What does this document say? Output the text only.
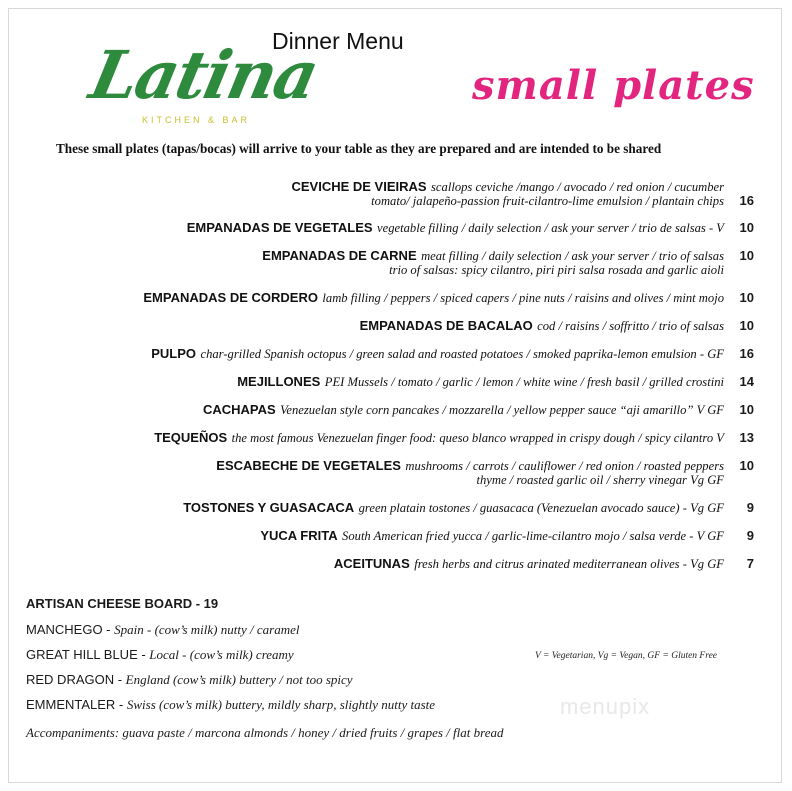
Latina
KITCHEN & BAR
Dinner Menu
small plates
These small plates (tapas/bocas) will arrive to your table as they are prepared and are intended to be shared
CEVICHE DE VIEIRAS scallops ceviche /mango / avocado / red onion / cucumber
tomato/ jalapeño-passion fruit-cilantro-lime emulsion / plantain chips 16
EMPANADAS DE VEGETALES vegetable filling / daily selection / ask your server / trio de salsas - V 10
EMPANADAS DE CARNE meat filling / daily selection / ask your server / trio of salsas 10
trio of salsas: spicy cilantro, piri piri salsa rosada and garlic aioli
EMPANADAS DE CORDERO lamb filling / peppers / spiced capers / pine nuts / raisins and olives / mint mojo 10
EMPANADAS DE BACALAO cod / raisins / soffritto / trio of salsas 10
PULPO char-grilled Spanish octopus / green salad and roasted potatoes / smoked paprika-lemon emulsion - GF 16
MEJILLONES PEI Mussels / tomato / garlic / lemon / white wine / fresh basil / grilled crostini 14
CACHAPAS Venezuelan style corn pancakes / mozzarella / yellow pepper sauce “aji amarillo” V GF 10
TEQUEÑOS the most famous Venezuelan finger food: queso blanco wrapped in crispy dough / spicy cilantro V 13
ESCABECHE DE VEGETALES mushrooms / carrots / cauliflower / red onion / roasted peppers 10
thyme / roasted garlic oil / sherry vinegar Vg GF
TOSTONES Y GUASACACA green platain tostones / guasacaca (Venezuelan avocado sauce) - Vg GF 9
YUCA FRITA South American fried yucca / garlic-lime-cilantro mojo / salsa verde - V GF 9
ACEITUNAS fresh herbs and citrus arinated mediterranean olives - Vg GF 7
ARTISAN CHEESE BOARD - 19
MANCHEGO - Spain - (cow’s milk) nutty / caramel
GREAT HILL BLUE - Local - (cow’s milk) creamy
RED DRAGON - England (cow’s milk) buttery / not too spicy
EMMENTALER - Swiss (cow’s milk) buttery, mildly sharp, slightly nutty taste
Accompaniments: guava paste / marcona almonds / honey / dried fruits / grapes / flat bread
V = Vegetarian, Vg = Vegan, GF = Gluten Free
menupix
